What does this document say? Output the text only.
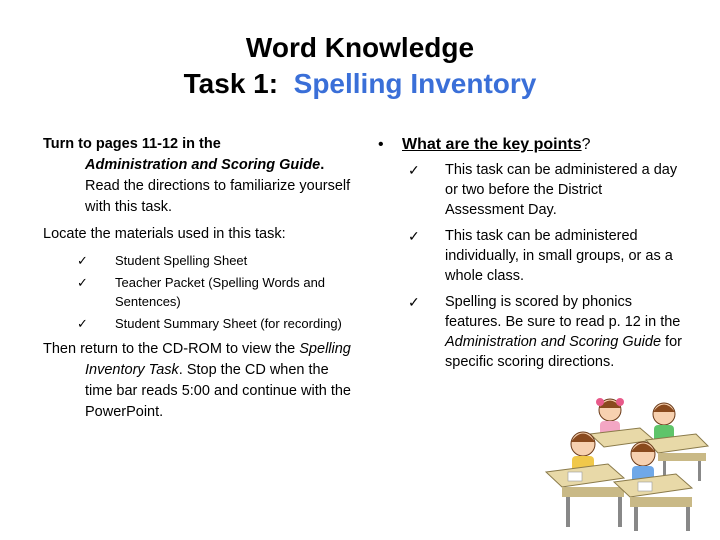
Word Knowledge
Task 1: Spelling Inventory

Turn to pages 11-12 in the
Administration and Scoring Guide. Read the directions to familiarize yourself with this task.

Locate the materials used in this task:

✓ Student Spelling Sheet
✓ Teacher Packet (Spelling Words and Sentences)
✓ Student Summary Sheet (for recording)

Then return to the CD-ROM to view the Spelling Inventory Task. Stop the CD when the time bar reads 5:00 and continue with the PowerPoint.

• What are the key points?
✓ This task can be administered a day or two before the District Assessment Day.
✓ This task can be administered individually, in small groups, or as a whole class.
✓ Spelling is scored by phonics features. Be sure to read p. 12 in the Administration and Scoring Guide for specific scoring directions.
